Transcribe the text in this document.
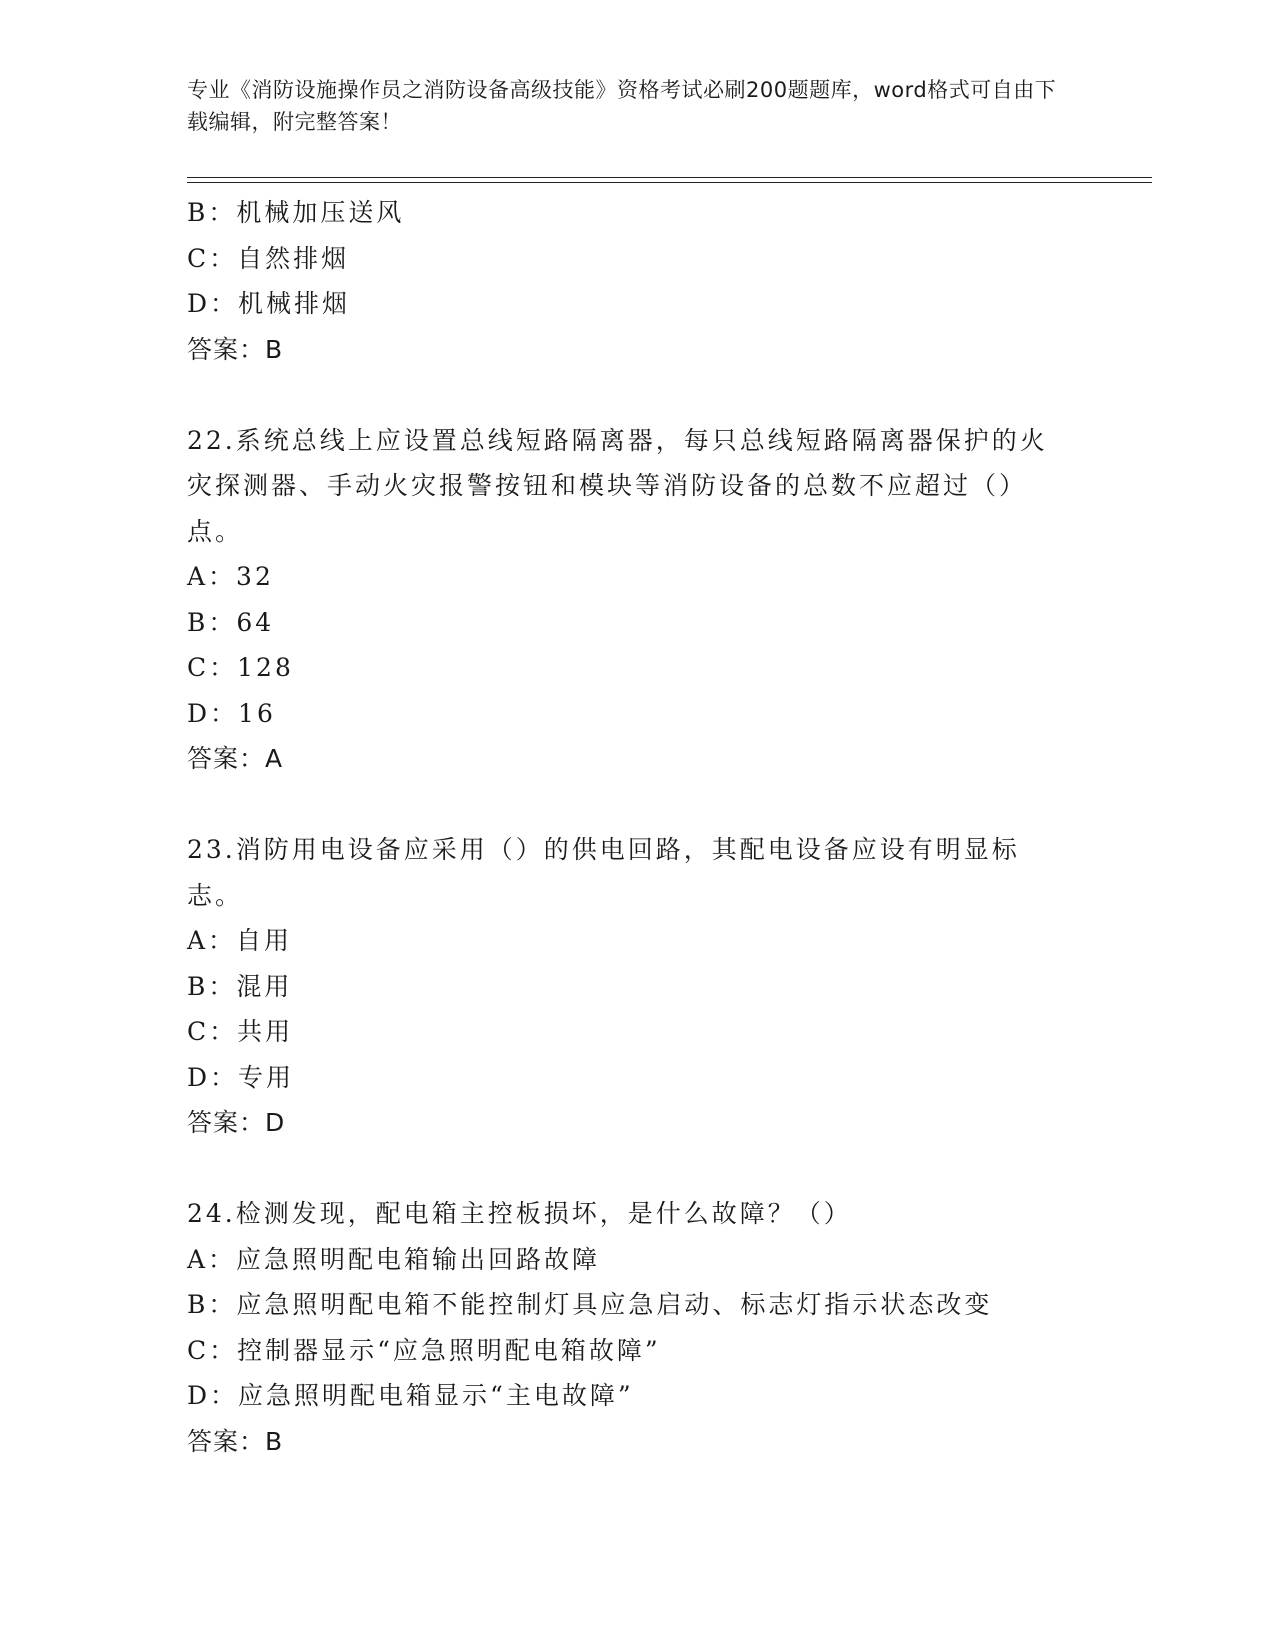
专业《消防设施操作员之消防设备高级技能》资格考试必刷200题题库，word格式可自由下载编辑，附完整答案！
B：机械加压送风
C：自然排烟
D：机械排烟
答案：B
22.系统总线上应设置总线短路隔离器，每只总线短路隔离器保护的火灾探测器、手动火灾报警按钮和模块等消防设备的总数不应超过（）点。
A：32
B：64
C：128
D：16
答案：A
23.消防用电设备应采用（）的供电回路，其配电设备应设有明显标志。
A：自用
B：混用
C：共用
D：专用
答案：D
24.检测发现，配电箱主控板损坏，是什么故障？（）
A：应急照明配电箱输出回路故障
B：应急照明配电箱不能控制灯具应急启动、标志灯指示状态改变
C：控制器显示“应急照明配电箱故障”
D：应急照明配电箱显示“主电故障”
答案：B
